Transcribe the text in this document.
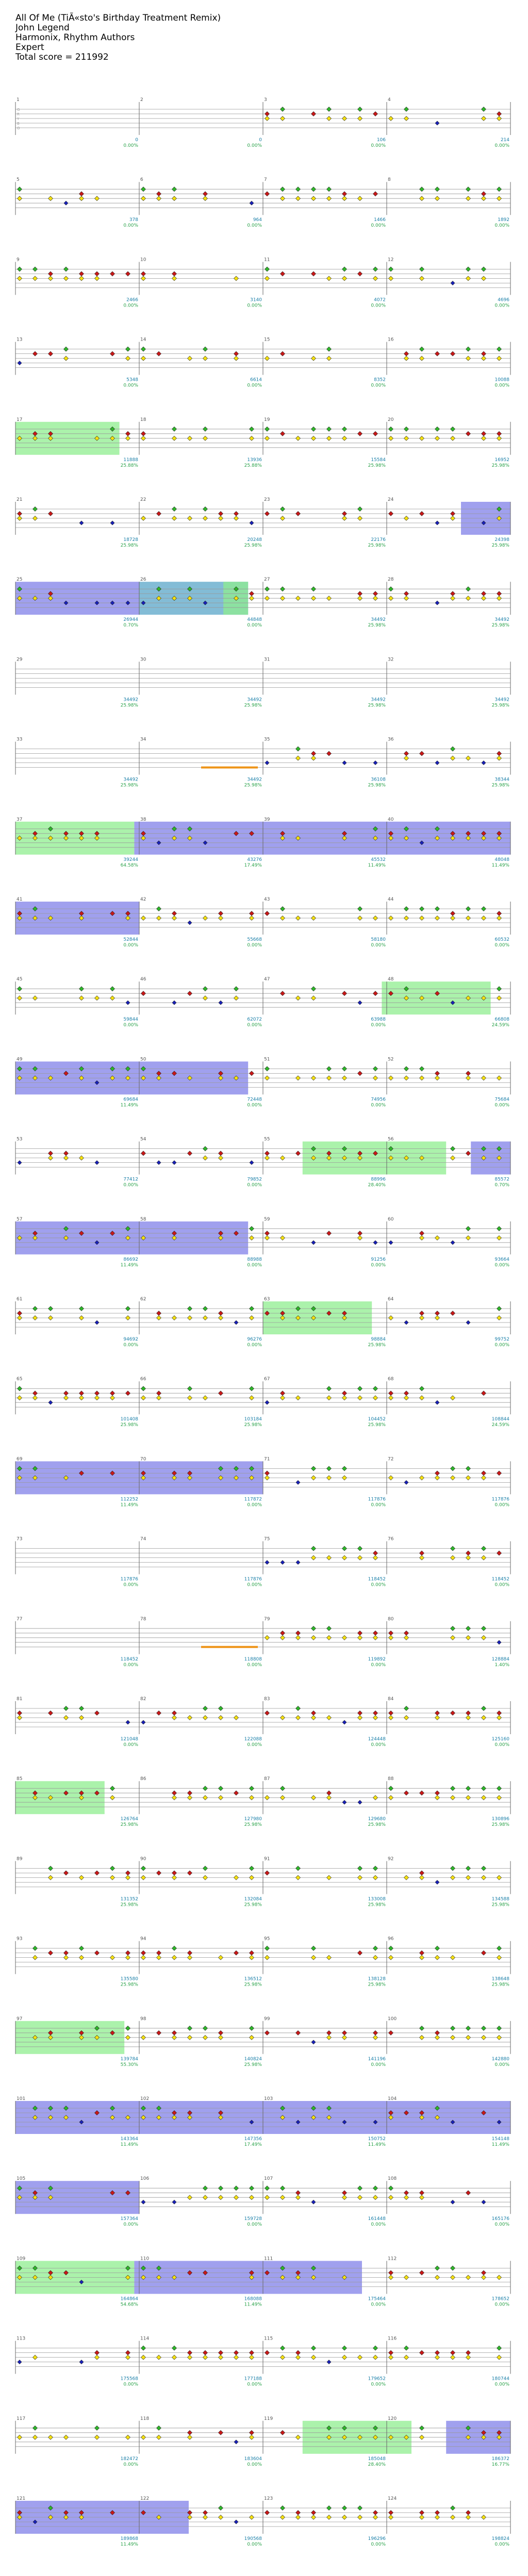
All Of Me (TiÃ«sto's Birthday Treatment Remix)
John Legend
Harmonix, Rhythm Authors
Expert
Total score = 211992
1
0
0.00%
2
0
0.00%
3
106
0.00%
4
214
0.00%
G
R
Y
B
O
5
378
0.00%
6
964
0.00%
7
1466
0.00%
8
1892
0.00%
9
2466
0.00%
10
3140
0.00%
11
4072
0.00%
12
4696
0.00%
13
5348
0.00%
14
6614
0.00%
15
8352
0.00%
16
10088
0.00%
17
11888
25.88%
18
13936
25.88%
19
15584
25.98%
20
16952
25.98%
21
18728
25.98%
22
20248
25.98%
23
22176
25.98%
24
24398
25.98%
25
26944
0.70%
26
44848
0.00%
27
34492
25.98%
28
34492
25.98%
29
34492
25.98%
30
34492
25.98%
31
34492
25.98%
32
34492
25.98%
33
34492
25.98%
34
34492
25.98%
35
36108
25.98%
36
38344
25.98%
37
39244
64.58%
38
43276
17.49%
39
45532
11.49%
40
48048
11.49%
41
52844
0.00%
42
55668
0.00%
43
58180
0.00%
44
60532
0.00%
45
59844
0.00%
46
62072
0.00%
47
63988
0.00%
48
66808
24.59%
49
69684
11.49%
50
72448
0.00%
51
74956
0.00%
52
75684
0.00%
53
77412
0.00%
54
79852
0.00%
55
88996
28.40%
56
85572
0.70%
57
86692
11.49%
58
88988
0.00%
59
91256
0.00%
60
93664
0.00%
61
94692
0.00%
62
96276
0.00%
63
98884
25.98%
64
99752
0.00%
65
101408
25.98%
66
103184
25.98%
67
104452
25.98%
68
108844
24.59%
69
112252
11.49%
70
117872
0.00%
71
117876
0.00%
72
117876
0.00%
73
117876
0.00%
74
117876
0.00%
75
118452
0.00%
76
118452
0.00%
77
118452
0.00%
78
118808
0.00%
79
119892
0.00%
80
128884
1.40%
81
121048
0.00%
82
122088
0.00%
83
124448
0.00%
84
125160
0.00%
85
126764
25.98%
86
127980
25.98%
87
129680
25.98%
88
130896
25.98%
89
131352
25.98%
90
132084
25.98%
91
133008
25.98%
92
134588
25.98%
93
135580
25.98%
94
136512
25.98%
95
138128
25.98%
96
138648
25.98%
97
139784
55.30%
98
140824
25.98%
99
141196
0.00%
100
142880
0.00%
101
143364
11.49%
102
147356
17.49%
103
150752
11.49%
104
154148
11.49%
105
157364
0.00%
106
159728
0.00%
107
161448
0.00%
108
165176
0.00%
109
164864
54.68%
110
168088
11.49%
111
175464
0.00%
112
178652
0.00%
113
175568
0.00%
114
177188
0.00%
115
179652
0.00%
116
180744
0.00%
117
182472
0.00%
118
183604
0.00%
119
185048
28.40%
120
186372
16.77%
121
189868
11.49%
122
190568
0.00%
123
196296
0.00%
124
198824
0.00%
